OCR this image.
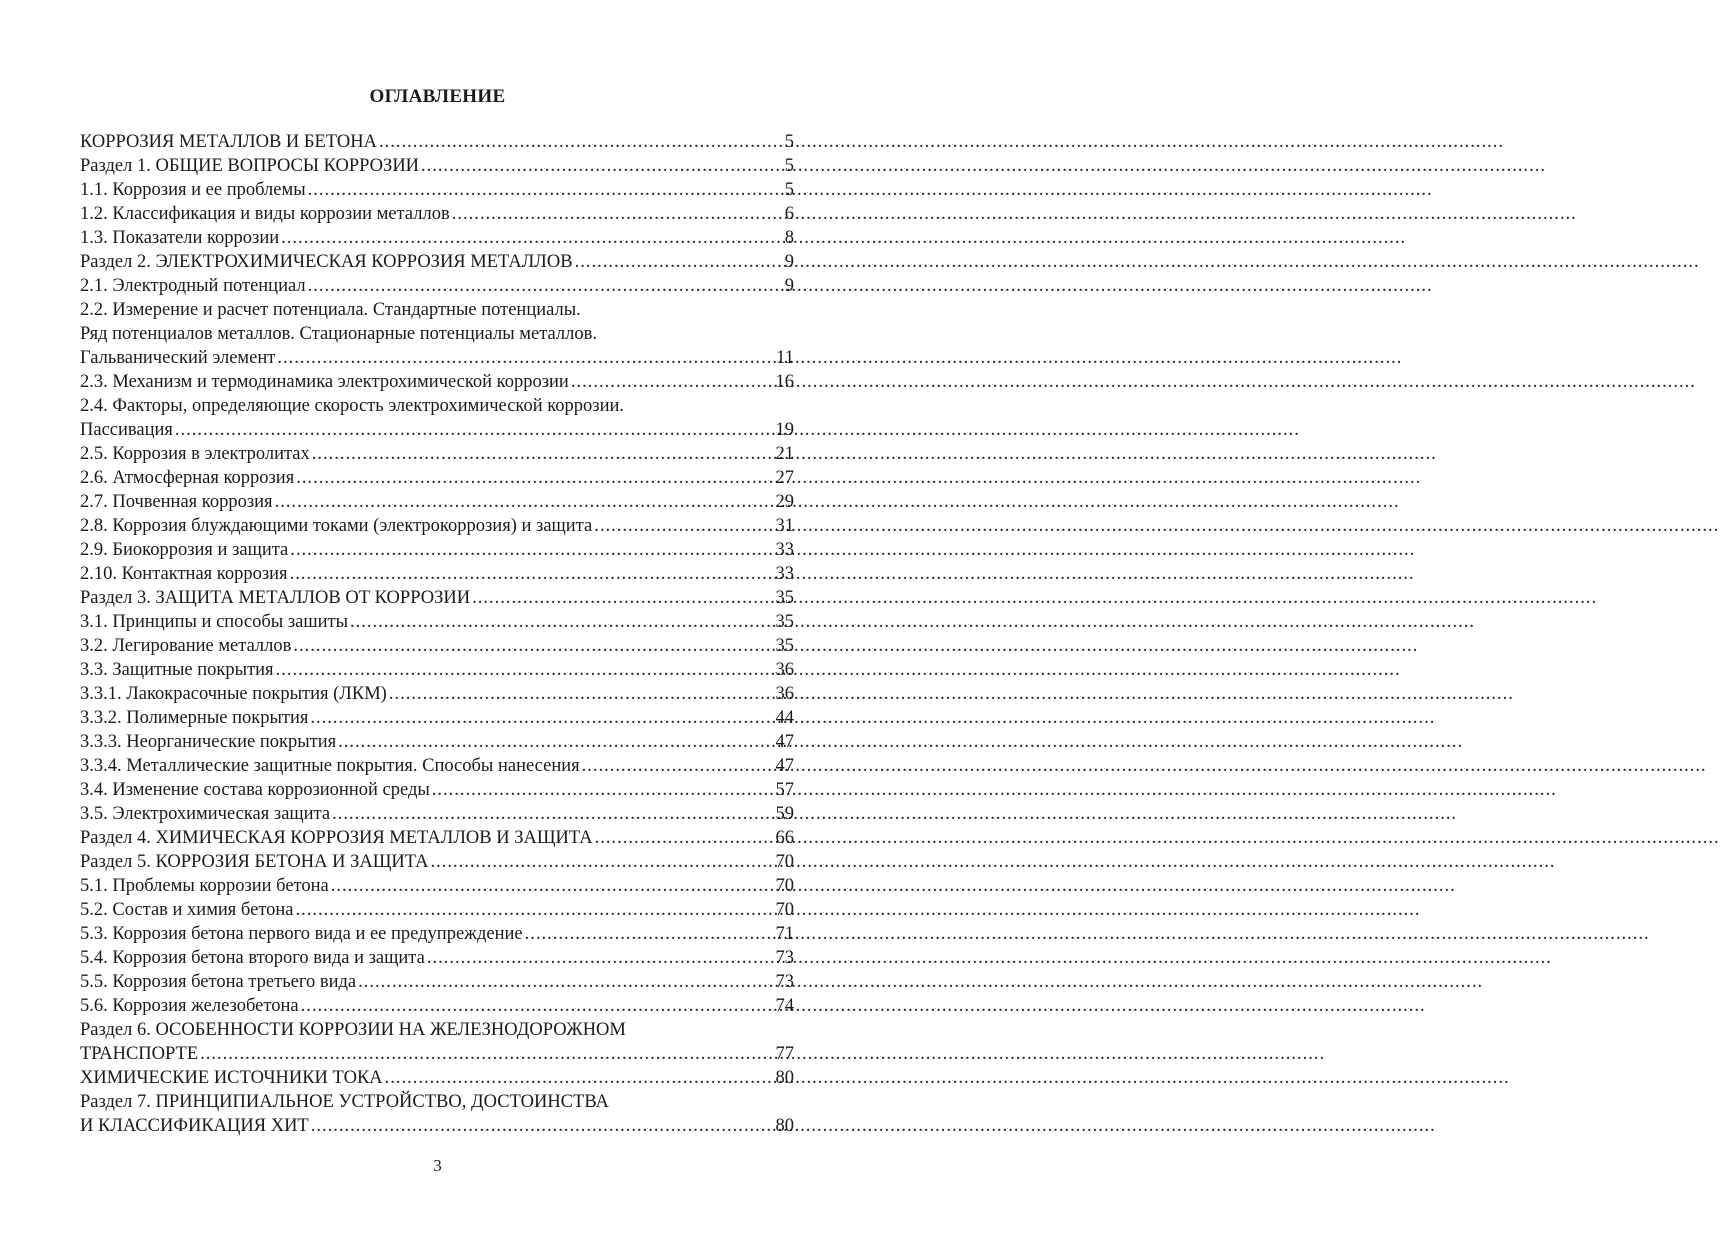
ОГЛАВЛЕНИЕ
КОРРОЗИЯ МЕТАЛЛОВ И БЕТОНА .....	5
Раздел 1. ОБЩИЕ ВОПРОСЫ КОРРОЗИИ .....	5
1.1. Коррозия и ее проблемы .....	5
1.2. Классификация и виды коррозии металлов .....	6
1.3. Показатели коррозии .....	8
Раздел 2. ЭЛЕКТРОХИМИЧЕСКАЯ КОРРОЗИЯ МЕТАЛЛОВ .....	9
2.1. Электродный потенциал .....	9
2.2. Измерение и расчет потенциала. Стандартные потенциалы.
Ряд потенциалов металлов. Стационарные потенциалы металлов.
Гальванический элемент .....	11
2.3. Механизм и термодинамика электрохимической коррозии .....	16
2.4. Факторы, определяющие скорость электрохимической коррозии.
Пассивация .....	19
2.5. Коррозия в электролитах .....	21
2.6. Атмосферная коррозия .....	27
2.7. Почвенная коррозия .....	29
2.8. Коррозия блуждающими токами (электрокоррозия) и защита .....	31
2.9. Биокоррозия и защита .....	33
2.10. Контактная коррозия .....	33
Раздел 3. ЗАЩИТА МЕТАЛЛОВ ОТ КОРРОЗИИ .....	35
3.1. Принципы и способы зашиты .....	35
3.2. Легирование металлов .....	35
3.3. Защитные покрытия .....	36
3.3.1. Лакокрасочные покрытия (ЛКМ) .....	36
3.3.2. Полимерные покрытия .....	44
3.3.3. Неорганические покрытия .....	47
3.3.4. Металлические защитные покрытия. Способы нанесения .....	47
3.4. Изменение состава коррозионной среды .....	57
3.5. Электрохимическая защита .....	59
Раздел 4. ХИМИЧЕСКАЯ КОРРОЗИЯ МЕТАЛЛОВ И ЗАЩИТА .....	66
Раздел 5. КОРРОЗИЯ БЕТОНА И ЗАЩИТА .....	70
5.1. Проблемы коррозии бетона .....	70
5.2. Состав и химия бетона .....	70
5.3. Коррозия бетона первого вида и ее предупреждение .....	71
5.4. Коррозия бетона второго вида и защита .....	73
5.5. Коррозия бетона третьего вида .....	73
5.6. Коррозия железобетона .....	74
Раздел 6. ОСОБЕННОСТИ КОРРОЗИИ НА ЖЕЛЕЗНОДОРОЖНОМ
ТРАНСПОРТЕ .....	77
ХИМИЧЕСКИЕ ИСТОЧНИКИ ТОКА .....	80
Раздел 7. ПРИНЦИПИАЛЬНОЕ УСТРОЙСТВО, ДОСТОИНСТВА
И КЛАССИФИКАЦИЯ ХИТ .....	80

3
